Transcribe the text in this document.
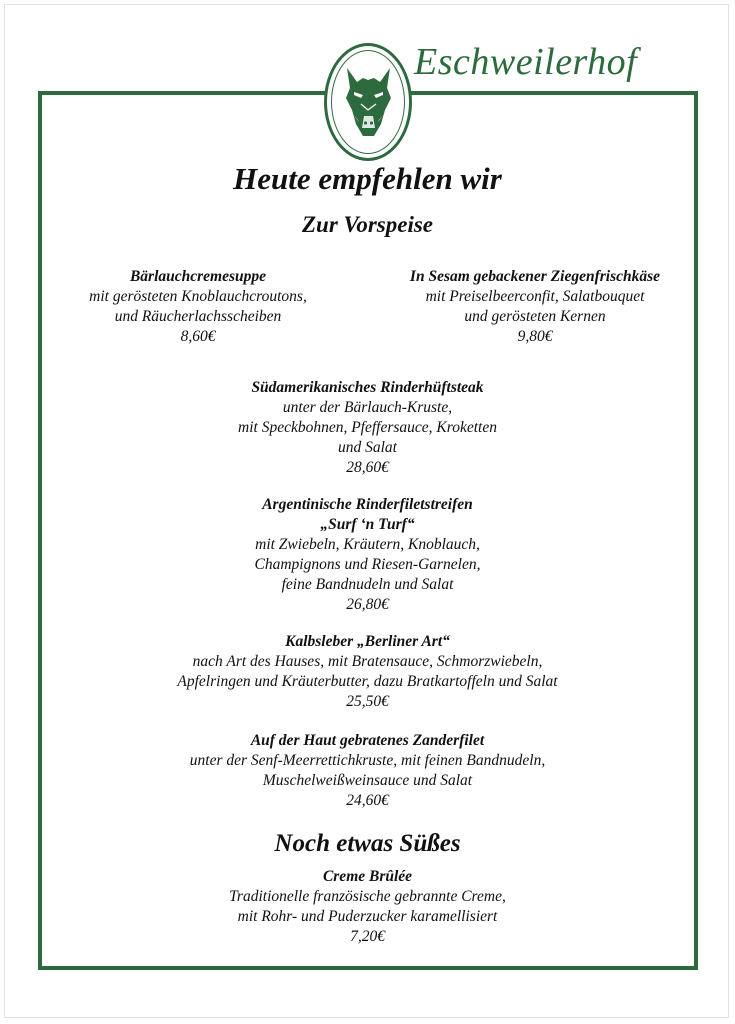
Eschweilerhof
Heute empfehlen wir
Zur Vorspeise
Bärlauchcremesuppe
mit gerösteten Knoblauchcroutons,
und Räucherlachsscheiben
8,60€
In Sesam gebackener Ziegenfrischkäse
mit Preiselbeerconfit, Salatbouquet
und gerösteten Kernen
9,80€
Südamerikanisches Rinderhüftsteak
unter der Bärlauch-Kruste,
mit Speckbohnen, Pfeffersauce, Kroketten
und Salat
28,60€
Argentinische Rinderfiletstreifen
„Surf ‘n Turf“
mit Zwiebeln, Kräutern, Knoblauch,
Champignons und Riesen-Garnelen,
feine Bandnudeln und Salat
26,80€
Kalbsleber „Berliner Art“
nach Art des Hauses, mit Bratensauce, Schmorzwiebeln,
Apfelringen und Kräuterbutter, dazu Bratkartoffeln und Salat
25,50€
Auf der Haut gebratenes Zanderfilet
unter der Senf-Meerrettichkruste, mit feinen Bandnudeln,
Muschelweißweinsauce und Salat
24,60€
Noch etwas Süßes
Creme Brûlée
Traditionelle französische gebrannte Creme,
mit Rohr- und Puderzucker karamellisiert
7,20€
